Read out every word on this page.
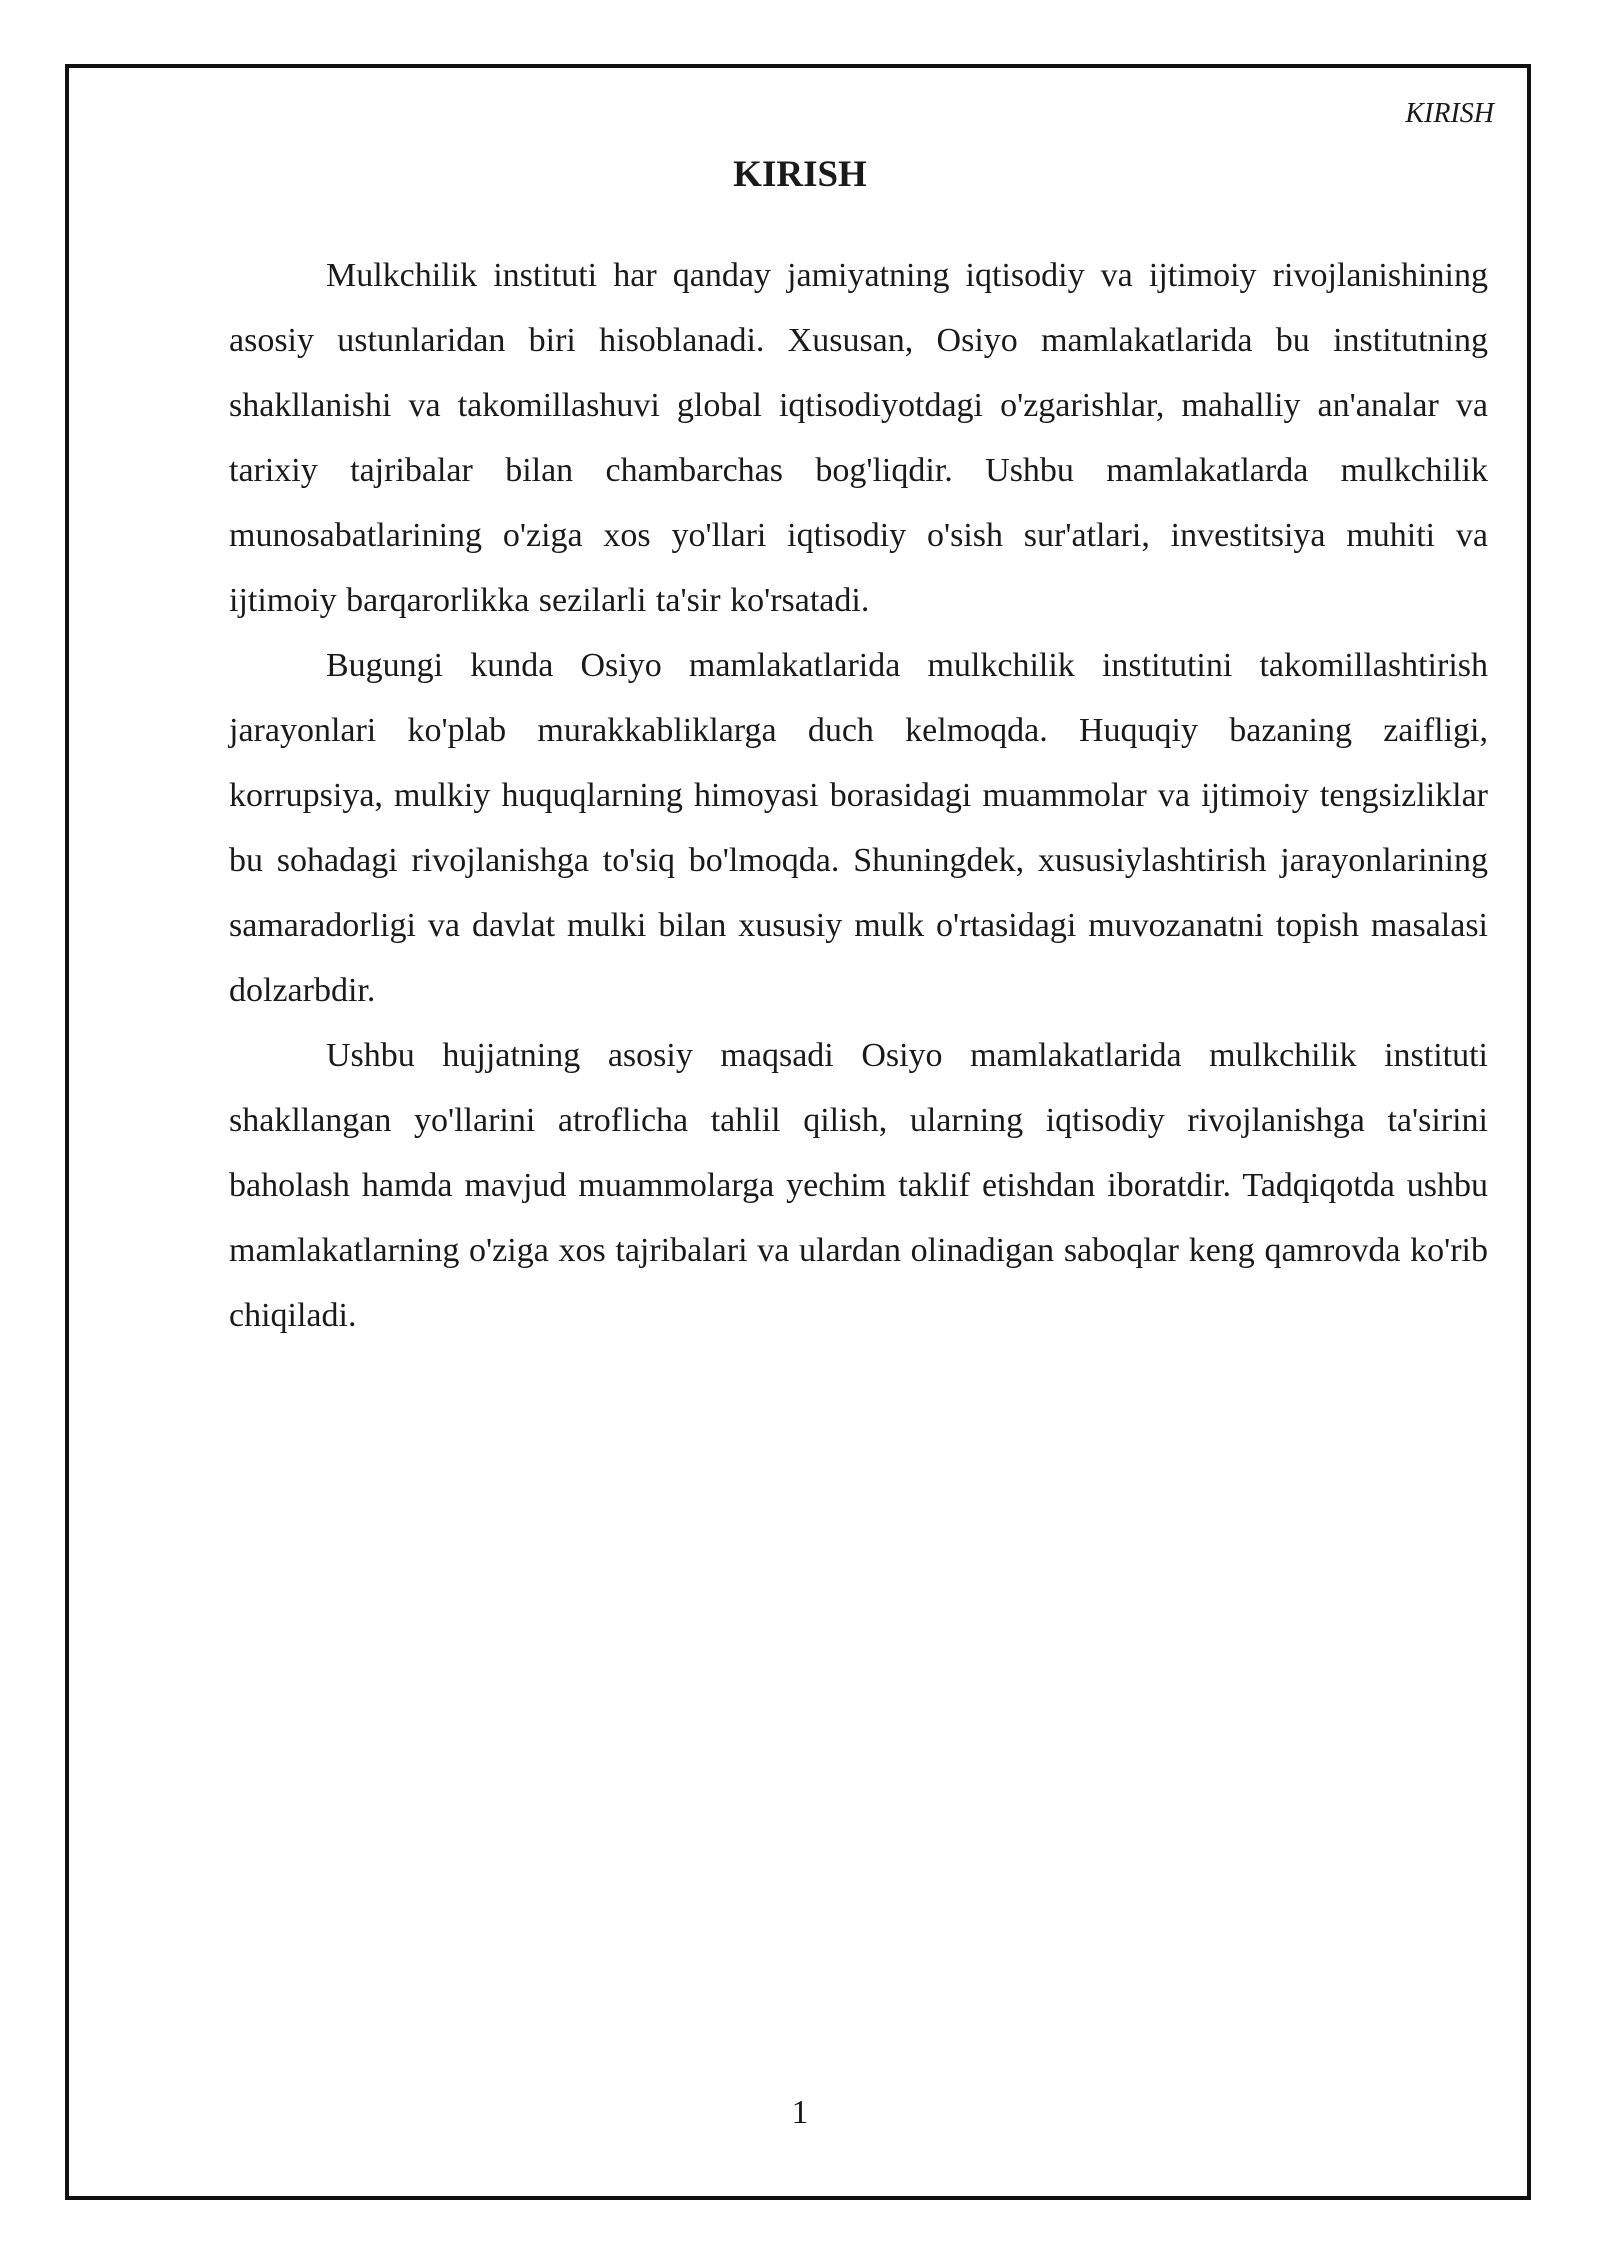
KIRISH
KIRISH

Mulkchilik instituti har qanday jamiyatning iqtisodiy va ijtimoiy rivojlanishining asosiy ustunlaridan biri hisoblanadi. Xususan, Osiyo mamlakatlarida bu institutning shakllanishi va takomillashuvi global iqtisodiyotdagi o'zgarishlar, mahalliy an'analar va tarixiy tajribalar bilan chambarchas bog'liqdir. Ushbu mamlakatlarda mulkchilik munosabatlarining o'ziga xos yo'llari iqtisodiy o'sish sur'atlari, investitsiya muhiti va ijtimoiy barqarorlikka sezilarli ta'sir ko'rsatadi.

Bugungi kunda Osiyo mamlakatlarida mulkchilik institutini takomillashtirish jarayonlari ko'plab murakkabliklarga duch kelmoqda. Huquqiy bazaning zaifligi, korrupsiya, mulkiy huquqlarning himoyasi borasidagi muammolar va ijtimoiy tengsizliklar bu sohadagi rivojlanishga to'siq bo'lmoqda. Shuningdek, xususiylashtirish jarayonlarining samaradorligi va davlat mulki bilan xususiy mulk o'rtasidagi muvozanatni topish masalasi dolzarbdir.

Ushbu hujjatning asosiy maqsadi Osiyo mamlakatlarida mulkchilik instituti shakllangan yo'llarini atroflicha tahlil qilish, ularning iqtisodiy rivojlanishga ta'sirini baholash hamda mavjud muammolarga yechim taklif etishdan iboratdir. Tadqiqotda ushbu mamlakatlarning o'ziga xos tajribalari va ulardan olinadigan saboqlar keng qamrovda ko'rib chiqiladi.

1
